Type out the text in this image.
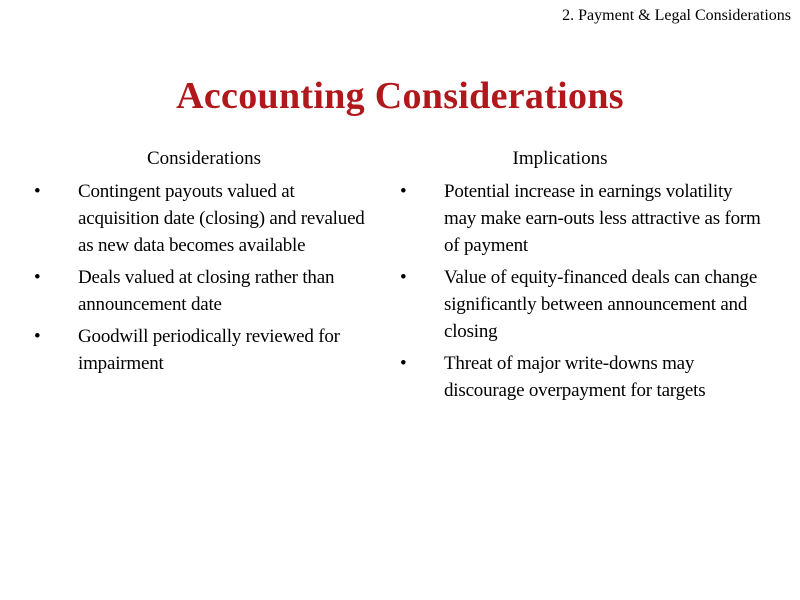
2. Payment & Legal Considerations
Accounting Considerations
Considerations
• Contingent payouts valued at acquisition date (closing) and revalued as new data becomes available
• Deals valued at closing rather than announcement date
• Goodwill periodically reviewed for impairment
Implications
• Potential increase in earnings volatility may make earn-outs less attractive as form of payment
• Value of equity-financed deals can change significantly between announcement and closing
• Threat of major write-downs may discourage overpayment for targets
